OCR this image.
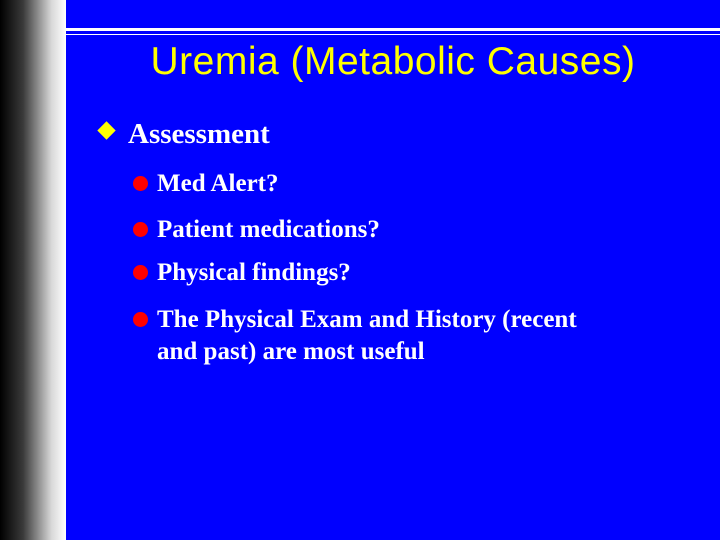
Uremia (Metabolic Causes)
Assessment
Med Alert?
Patient medications?
Physical findings?
The Physical Exam and History (recent
and past) are most useful
